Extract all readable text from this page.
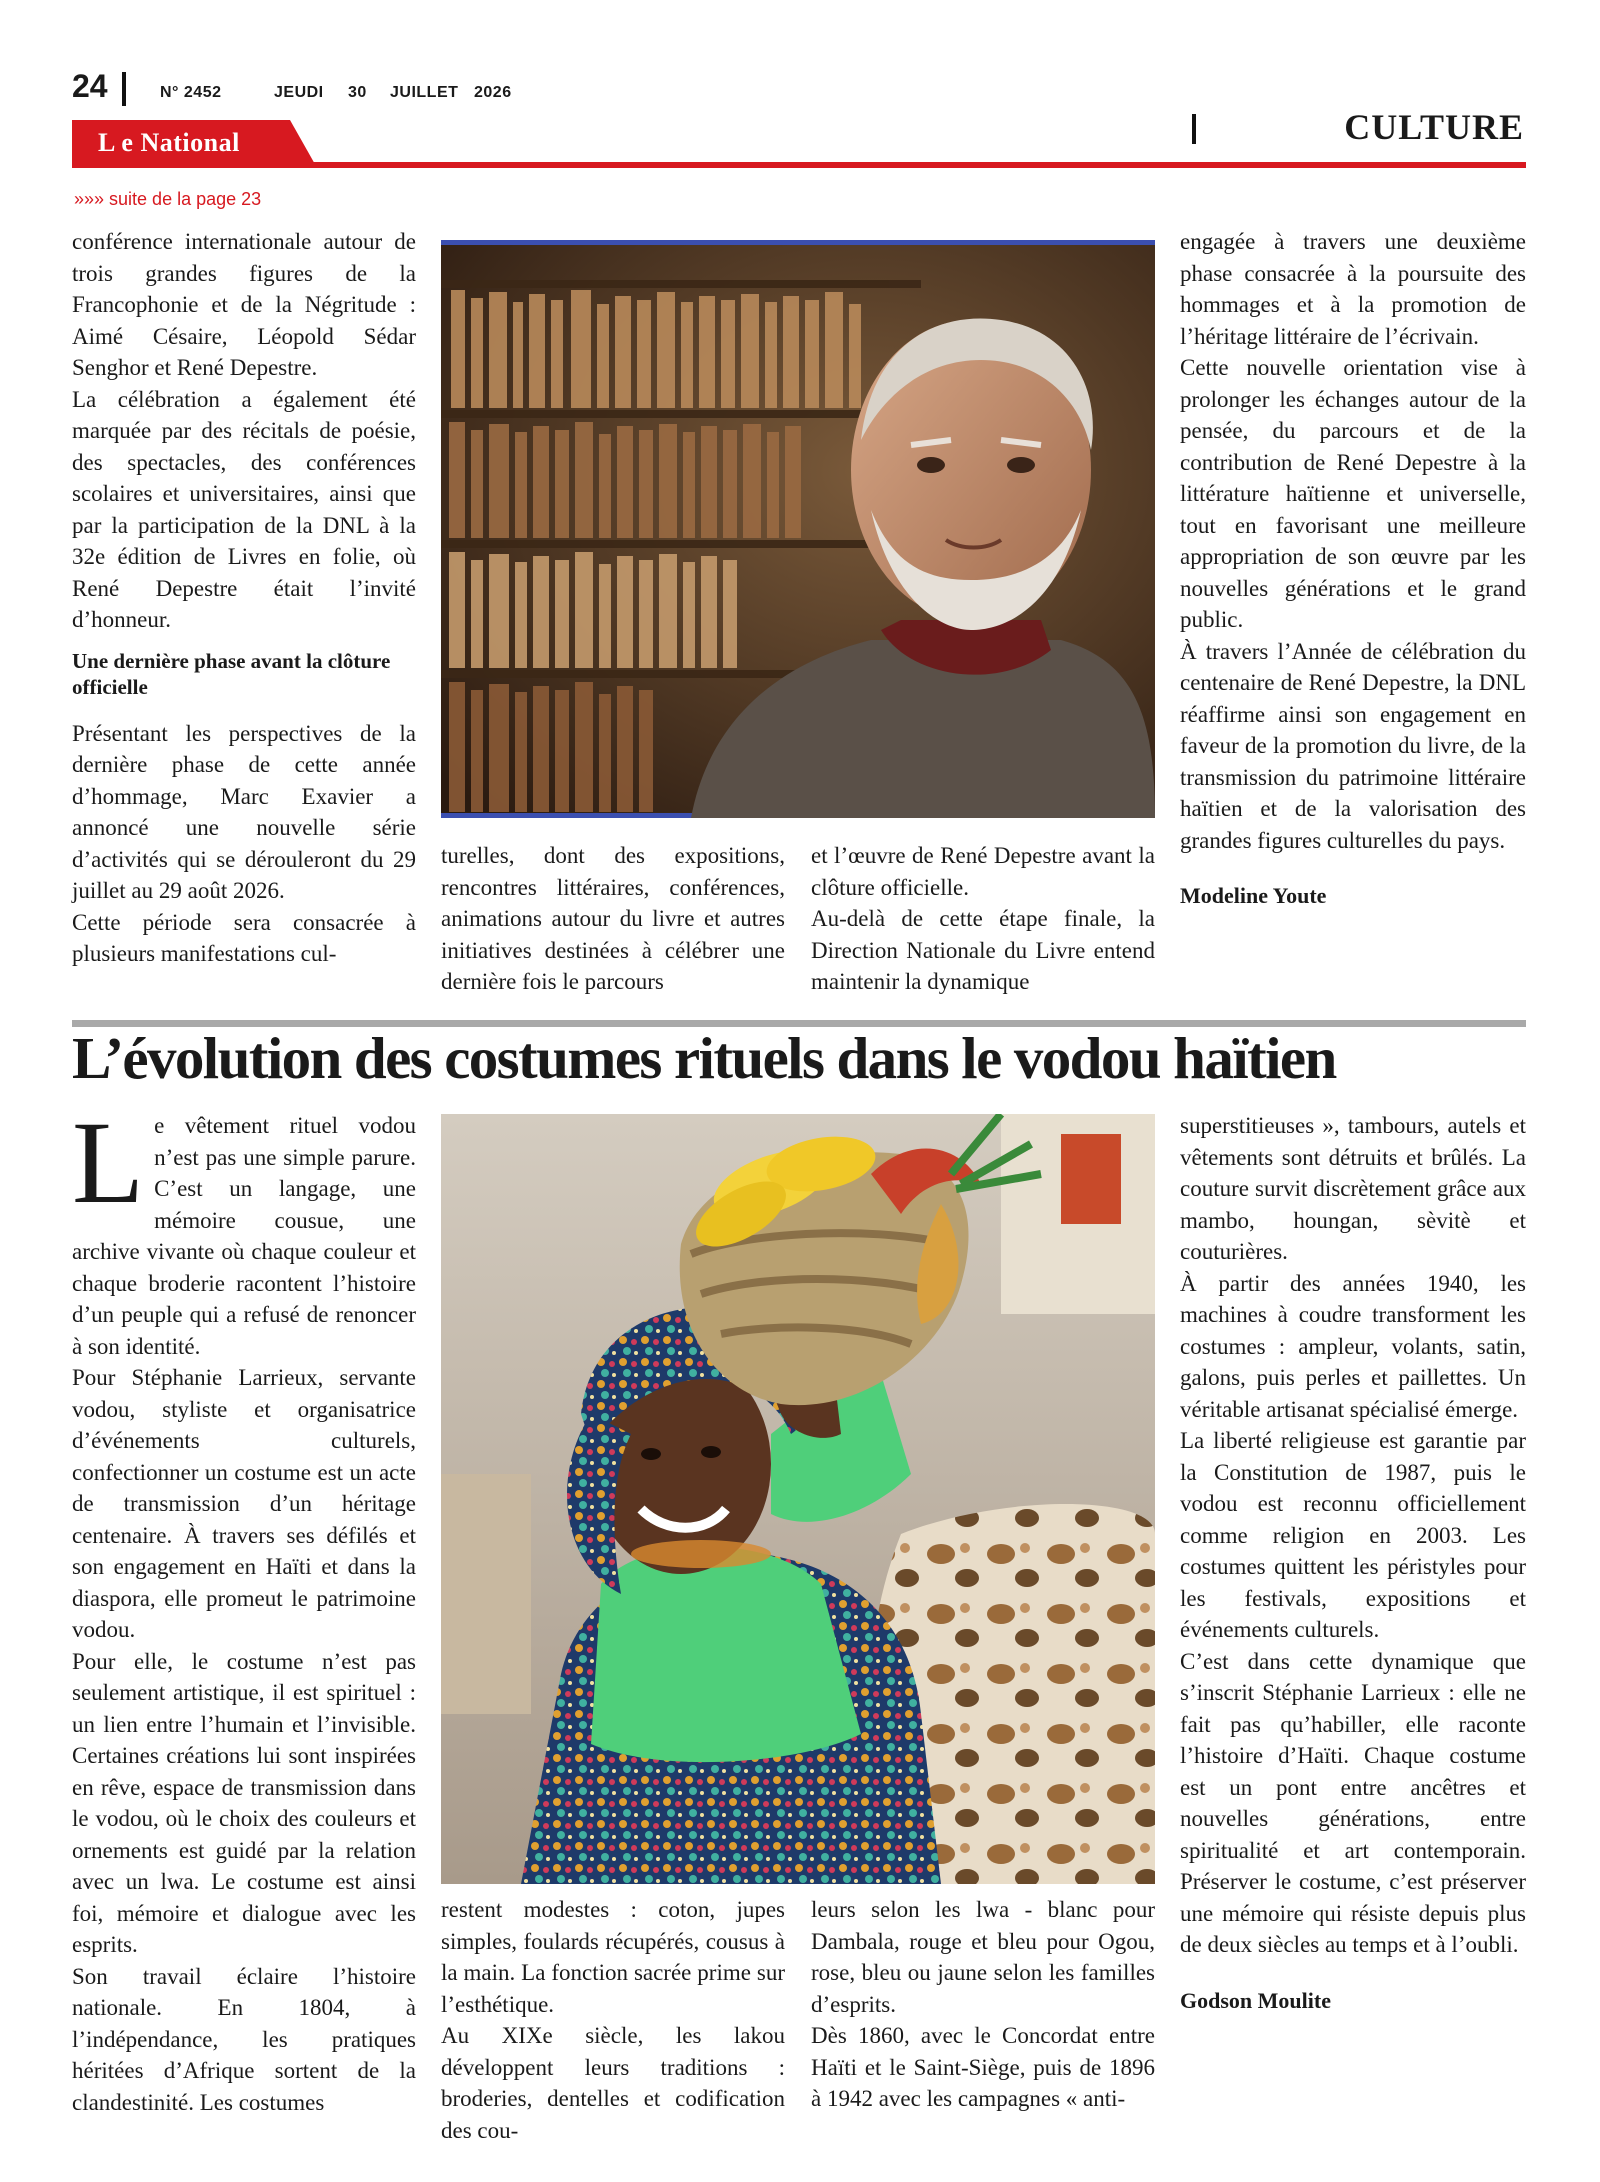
24	N° 2452	JEUDI 30 JUILLET 2026
CULTURE
L e National
»»» suite de la page 23

conférence internationale autour de trois grandes figures de la Francophonie et de la Négritude : Aimé Césaire, Léopold Sédar Senghor et René Depestre.

La célébration a également été marquée par des récitals de poésie, des spectacles, des conférences scolaires et universitaires, ainsi que par la participation de la DNL à la 32e édition de Livres en folie, où René Depestre était l’invité d’honneur.

Une dernière phase avant la clôture officielle

Présentant les perspectives de la dernière phase de cette année d’hommage, Marc Exavier a annoncé une nouvelle série d’activités qui se dérouleront du 29 juillet au 29 août 2026.

Cette période sera consacrée à plusieurs manifestations cul-

turelles, dont des expositions, rencontres littéraires, conférences, animations autour du livre et autres initiatives destinées à célébrer une dernière fois le parcours

et l’œuvre de René Depestre avant la clôture officielle.

Au-delà de cette étape finale, la Direction Nationale du Livre entend maintenir la dynamique

engagée à travers une deuxième phase consacrée à la poursuite des hommages et à la promotion de l’héritage littéraire de l’écrivain.

Cette nouvelle orientation vise à prolonger les échanges autour de la pensée, du parcours et de la contribution de René Depestre à la littérature haïtienne et universelle, tout en favorisant une meilleure appropriation de son œuvre par les nouvelles générations et le grand public.

À travers l’Année de célébration du centenaire de René Depestre, la DNL réaffirme ainsi son engagement en faveur de la promotion du livre, de la transmission du patrimoine littéraire haïtien et de la valorisation des grandes figures culturelles du pays.

Modeline Youte

L’évolution des costumes rituels dans le vodou haïtien

Le vêtement rituel vodou n’est pas une simple parure. C’est un langage, une mémoire cousue, une archive vivante où chaque couleur et chaque broderie racontent l’histoire d’un peuple qui a refusé de renoncer à son identité.

Pour Stéphanie Larrieux, servante vodou, styliste et organisatrice d’événements culturels, confectionner un costume est un acte de transmission d’un héritage centenaire. À travers ses défilés et son engagement en Haïti et dans la diaspora, elle promeut le patrimoine vodou.

Pour elle, le costume n’est pas seulement artistique, il est spirituel : un lien entre l’humain et l’invisible. Certaines créations lui sont inspirées en rêve, espace de transmission dans le vodou, où le choix des couleurs et ornements est guidé par la relation avec un lwa. Le costume est ainsi foi, mémoire et dialogue avec les esprits.

Son travail éclaire l’histoire nationale. En 1804, à l’indépendance, les pratiques héritées d’Afrique sortent de la clandestinité. Les costumes

restent modestes : coton, jupes simples, foulards récupérés, cousus à la main. La fonction sacrée prime sur l’esthétique.

Au XIXe siècle, les lakou développent leurs traditions : broderies, dentelles et codification des cou-

leurs selon les lwa - blanc pour Dambala, rouge et bleu pour Ogou, rose, bleu ou jaune selon les familles d’esprits.

Dès 1860, avec le Concordat entre Haïti et le Saint-Siège, puis de 1896 à 1942 avec les campagnes « anti-

superstitieuses », tambours, autels et vêtements sont détruits et brûlés. La couture survit discrètement grâce aux mambo, houngan, sèvitè et couturières.

À partir des années 1940, les machines à coudre transforment les costumes : ampleur, volants, satin, galons, puis perles et paillettes. Un véritable artisanat spécialisé émerge.

La liberté religieuse est garantie par la Constitution de 1987, puis le vodou est reconnu officiellement comme religion en 2003. Les costumes quittent les péristyles pour les festivals, expositions et événements culturels.

C’est dans cette dynamique que s’inscrit Stéphanie Larrieux : elle ne fait pas qu’habiller, elle raconte l’histoire d’Haïti. Chaque costume est un pont entre ancêtres et nouvelles générations, entre spiritualité et art contemporain. Préserver le costume, c’est préserver une mémoire qui résiste depuis plus de deux siècles au temps et à l’oubli.

Godson Moulite
